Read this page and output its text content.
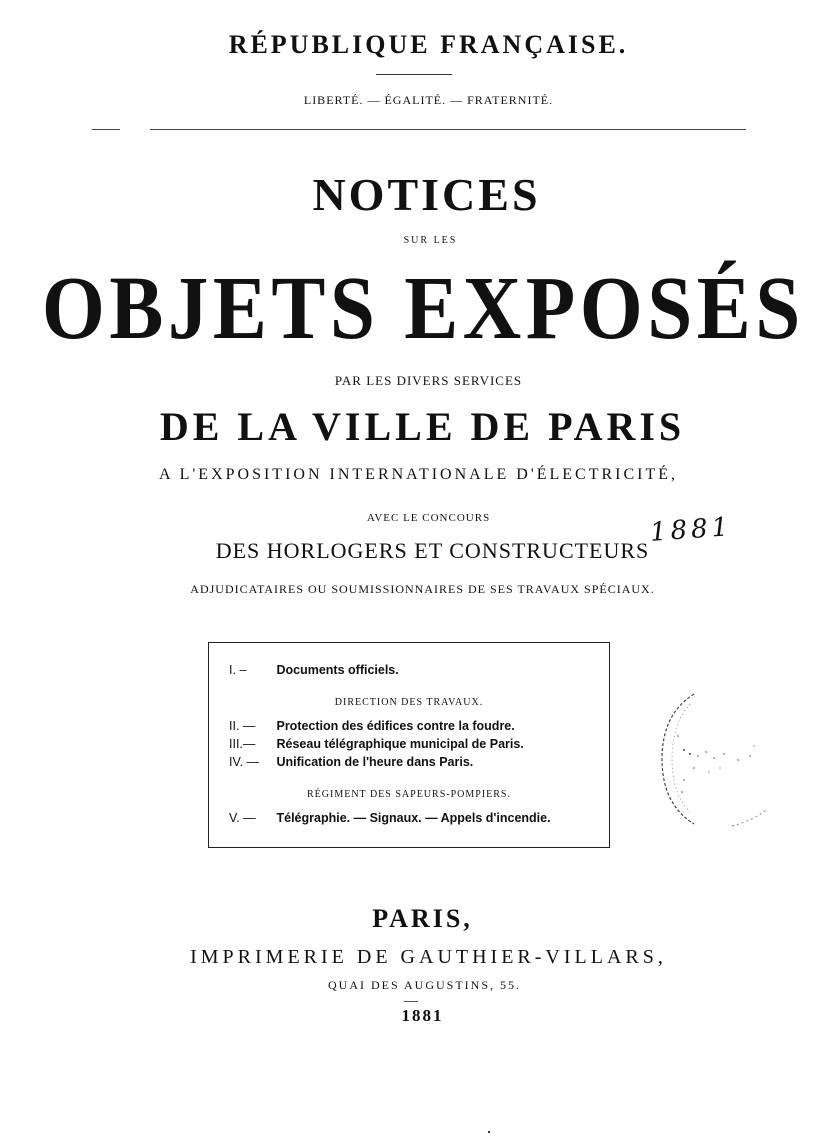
RÉPUBLIQUE FRANÇAISE.
LIBERTÉ. — ÉGALITÉ. — FRATERNITÉ.
NOTICES
SUR LES
OBJETS EXPOSÉS
PAR LES DIVERS SERVICES
DE LA VILLE DE PARIS
A L'EXPOSITION INTERNATIONALE D'ÉLECTRICITÉ,
AVEC LE CONCOURS
DES HORLOGERS ET CONSTRUCTEURS
ADJUDICATAIRES OU SOUMISSIONNAIRES DE SES TRAVAUX SPÉCIAUX.
1881
I. – Documents officiels.
DIRECTION DES TRAVAUX.
II. — Protection des édifices contre la foudre.
III.— Réseau télégraphique municipal de Paris.
IV. — Unification de l'heure dans Paris.
RÉGIMENT DES SAPEURS-POMPIERS.
V. — Télégraphie. — Signaux. — Appels d'incendie.
PARIS,
IMPRIMERIE DE GAUTHIER-VILLARS,
QUAI DES AUGUSTINS, 55.
1881
